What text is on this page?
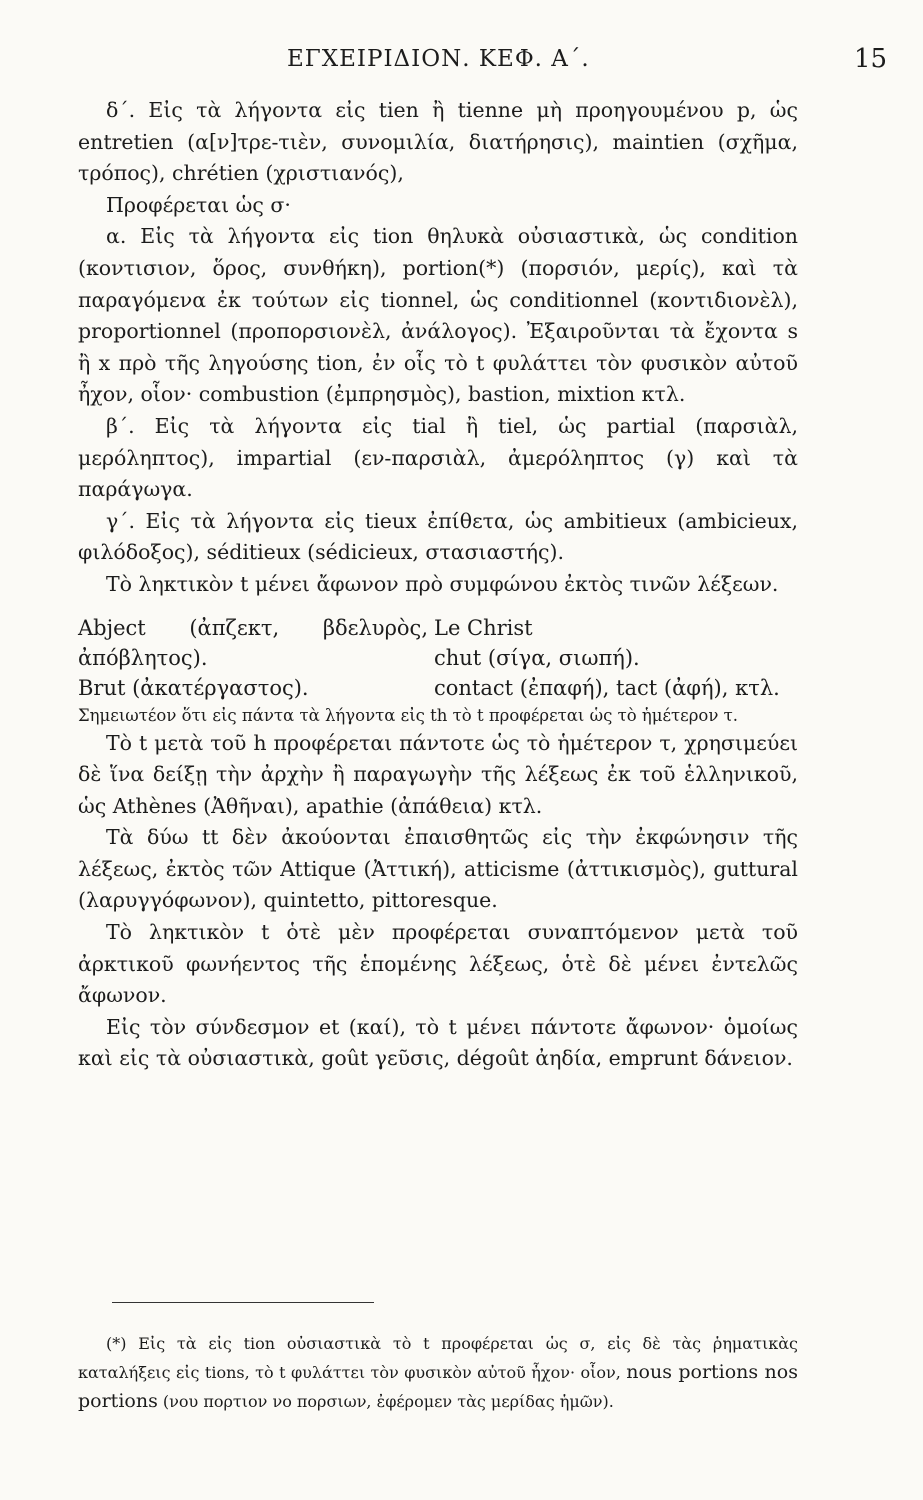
ΕΓΧΕΙΡΙΔΙΟΝ. ΚΕΦ. Α΄.	15

δ΄. Εἰς τὰ λήγοντα εἰς tien ἢ tienne μὴ προηγουμένου p, ὡς entretien (α[ν]τρε-τιὲν, συνομιλία, διατήρησις), maintien (σχῆμα, τρόπος), chrétien (χριστιανός),

Προφέρεται ὡς σ·

α. Εἰς τὰ λήγοντα εἰς tion θηλυκὰ οὐσιαστικὰ, ὡς condition (κοντισιον, ὅρος, συνθήκη), portion(*) (πορσιόν, μερίς), καὶ τὰ παραγόμενα ἐκ τούτων εἰς tionnel, ὡς conditionnel (κοντιδιονὲλ), proportionnel (προπορσιονὲλ, ἀνάλογος). Ἐξαιροῦνται τὰ ἔχοντα s ἢ x πρὸ τῆς ληγούσης tion, ἐν οἷς τὸ t φυλάττει τὸν φυσικὸν αὐτοῦ ἦχον, οἷον· combustion (ἐμπρησμὸς), bastion, mixtion κτλ.

β΄. Εἰς τὰ λήγοντα εἰς tial ἢ tiel, ὡς partial (παρσιὰλ, μερόληπτος), impartial (εν-παρσιὰλ, ἀμερόληπτος (γ) καὶ τὰ παράγωγα.

γ΄. Εἰς τὰ λήγοντα εἰς tieux ἐπίθετα, ὡς ambitieux (ambicieux, φιλόδοξος), séditieux (sédicieux, στασιαστής).

Τὸ ληκτικὸν t μένει ἄφωνον πρὸ συμφώνου ἐκτὸς τινῶν λέξεων.

Abject (ἀπζεκτ, βδελυρὸς, ἀπόβλητος).
Brut (ἀκατέργαστος).
Le Christ
chut (σίγα, σιωπή).
contact (ἐπαφή), tact (ἀφή), κτλ.

Σημειωτέον ὅτι εἰς πάντα τὰ λήγοντα εἰς th τὸ t προφέρεται ὡς τὸ ἡμέτερον τ.

Τὸ t μετὰ τοῦ h προφέρεται πάντοτε ὡς τὸ ἡμέτερον τ, χρησιμεύει δὲ ἵνα δείξῃ τὴν ἀρχὴν ἢ παραγωγὴν τῆς λέξεως ἐκ τοῦ ἑλληνικοῦ, ὡς Athènes (Ἀθῆναι), apathie (ἀπάθεια) κτλ.

Τὰ δύω tt δὲν ἀκούονται ἐπαισθητῶς εἰς τὴν ἐκφώνησιν τῆς λέξεως, ἐκτὸς τῶν Attique (Ἀττική), atticisme (ἀττικισμὸς), guttural (λαρυγγόφωνον), quintetto, pittoresque.

Τὸ ληκτικὸν t ὁτὲ μὲν προφέρεται συναπτόμενον μετὰ τοῦ ἀρκτικοῦ φωνήεντος τῆς ἑπομένης λέξεως, ὁτὲ δὲ μένει ἐντελῶς ἄφωνον.

Εἰς τὸν σύνδεσμον et (καί), τὸ t μένει πάντοτε ἄφωνον· ὁμοίως καὶ εἰς τὰ οὐσιαστικὰ, goût γεῦσις, dégoût ἀηδία, emprunt δάνειον.

(*) Εἰς τὰ εἰς tion οὐσιαστικὰ τὸ t προφέρεται ὡς σ, εἰς δὲ τὰς ῥηματικὰς καταλήξεις εἰς tions, τὸ t φυλάττει τὸν φυσικὸν αὐτοῦ ἦχον· οἷον, nous portions nos portions (νου πορτιον νο πορσιων, ἐφέρομεν τὰς μερίδας ἡμῶν).
